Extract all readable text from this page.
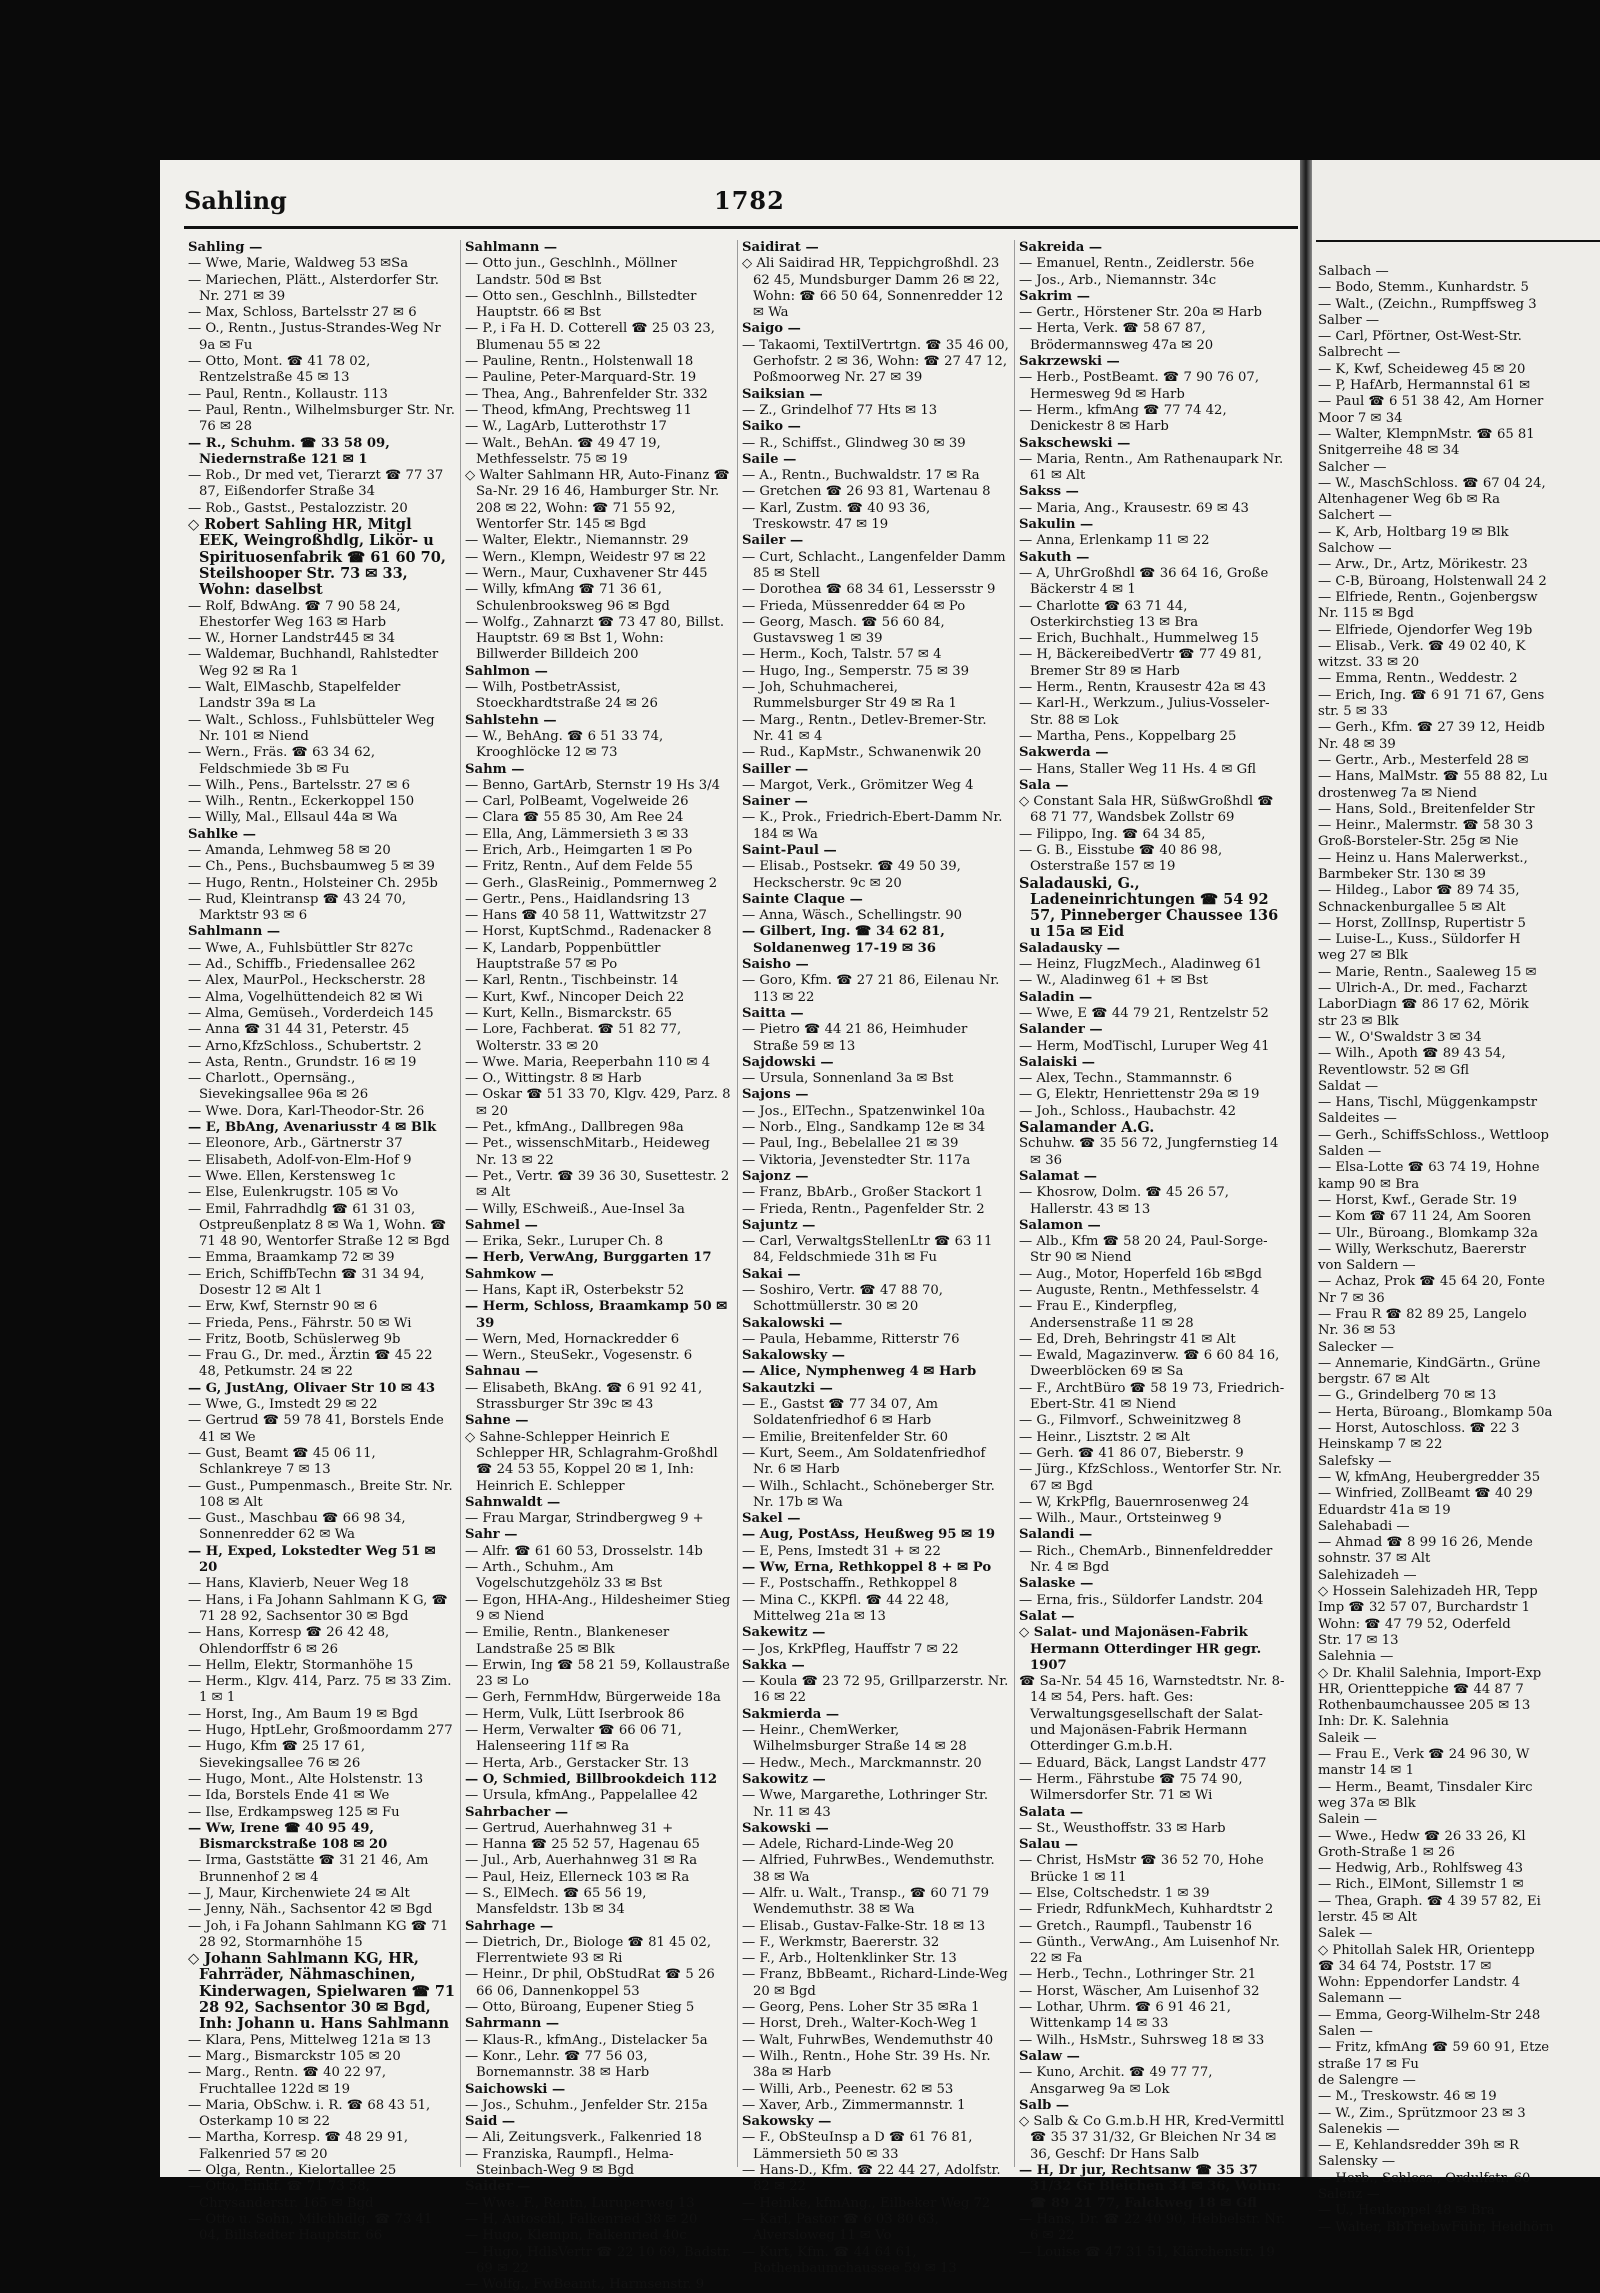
Sahling	1782

Sahling —

— Wwe, Marie, Waldweg 53 ✉Sa

— Mariechen, Plätt., Alsterdorfer Str. Nr. 271 ✉ 39

— Max, Schloss, Bartelsstr 27 ✉ 6

— O., Rentn., Justus-Strandes-Weg Nr 9a ✉ Fu

— Otto, Mont. ☎ 41 78 02, Rentzelstraße 45 ✉ 13

— Paul, Rentn., Kollaustr. 113

— Paul, Rentn., Wilhelmsburger Str. Nr. 76 ✉ 28

— R., Schuhm. ☎ 33 58 09, Niedernstraße 121 ✉ 1

— Rob., Dr med vet, Tierarzt ☎ 77 37 87, Eißendorfer Straße 34

— Rob., Gastst., Pestalozzistr. 20

◇ Robert Sahling HR, Mitgl EEK, Weingroßhdlg, Likör- u Spirituosenfabrik ☎ 61 60 70, Steilshooper Str. 73 ✉ 33, Wohn: daselbst

— Rolf, BdwAng. ☎ 7 90 58 24, Ehestorfer Weg 163 ✉ Harb

— W., Horner Landstr445 ✉ 34

— Waldemar, Buchhandl, Rahlstedter Weg 92 ✉ Ra 1

— Walt, ElMaschb, Stapelfelder Landstr 39a ✉ La

— Walt., Schloss., Fuhlsbütteler Weg Nr. 101 ✉ Niend

— Wern., Fräs. ☎ 63 34 62, Feldschmiede 3b ✉ Fu

— Wilh., Pens., Bartelsstr. 27 ✉ 6

— Wilh., Rentn., Eckerkoppel 150

— Willy, Mal., Ellsaul 44a ✉ Wa

Sahlke —

— Amanda, Lehmweg 58 ✉ 20

— Ch., Pens., Buchsbaumweg 5 ✉ 39

— Hugo, Rentn., Holsteiner Ch. 295b

— Rud, Kleintransp ☎ 43 24 70, Marktstr 93 ✉ 6

Sahlmann —

— Wwe, A., Fuhlsbüttler Str 827c

— Ad., Schiffb., Friedensallee 262

— Alex, MaurPol., Heckscherstr. 28

— Alma, Vogelhüttendeich 82 ✉ Wi

— Alma, Gemüseh., Vorderdeich 145

— Anna ☎ 31 44 31, Peterstr. 45

— Arno,KfzSchloss., Schubertstr. 2

— Asta, Rentn., Grundstr. 16 ✉ 19

— Charlott., Opernsäng., Sievekingsallee 96a ✉ 26

— Wwe. Dora, Karl-Theodor-Str. 26

— E, BbAng, Avenariusstr 4 ✉ Blk

— Eleonore, Arb., Gärtnerstr 37

— Elisabeth, Adolf-von-Elm-Hof 9

— Wwe. Ellen, Kerstensweg 1c

— Else, Eulenkrugstr. 105 ✉ Vo

— Emil, Fahrradhdlg ☎ 61 31 03, Ostpreußenplatz 8 ✉ Wa 1, Wohn. ☎ 71 48 90, Wentorfer Straße 12 ✉ Bgd

— Emma, Braamkamp 72 ✉ 39

— Erich, SchiffbTechn ☎ 31 34 94, Dosestr 12 ✉ Alt 1

— Erw, Kwf, Sternstr 90 ✉ 6

— Frieda, Pens., Fährstr. 50 ✉ Wi

— Fritz, Bootb, Schüslerweg 9b

— Frau G., Dr. med., Ärztin ☎ 45 22 48, Petkumstr. 24 ✉ 22

— G, JustAng, Olivaer Str 10 ✉ 43

— Wwe, G., Imstedt 29 ✉ 22

— Gertrud ☎ 59 78 41, Borstels Ende 41 ✉ We

— Gust, Beamt ☎ 45 06 11, Schlankreye 7 ✉ 13

— Gust., Pumpenmasch., Breite Str. Nr. 108 ✉ Alt

— Gust., Maschbau ☎ 66 98 34, Sonnenredder 62 ✉ Wa

— H, Exped, Lokstedter Weg 51 ✉ 20

— Hans, Klavierb, Neuer Weg 18

— Hans, i Fa Johann Sahlmann K G, ☎ 71 28 92, Sachsentor 30 ✉ Bgd

— Hans, Korresp ☎ 26 42 48, Ohlendorffstr 6 ✉ 26

— Hellm, Elektr, Stormanhöhe 15

— Herm., Klgv. 414, Parz. 75 ✉ 33 Zim. 1 ✉ 1

— Horst, Ing., Am Baum 19 ✉ Bgd

— Hugo, HptLehr, Großmoordamm 277

— Hugo, Kfm ☎ 25 17 61, Sievekingsallee 76 ✉ 26

— Hugo, Mont., Alte Holstenstr. 13

— Ida, Borstels Ende 41 ✉ We

— Ilse, Erdkampsweg 125 ✉ Fu

— Ww, Irene ☎ 40 95 49, Bismarckstraße 108 ✉ 20

— Irma, Gaststätte ☎ 31 21 46, Am Brunnenhof 2 ✉ 4

— J, Maur, Kirchenwiete 24 ✉ Alt

— Jenny, Näh., Sachsentor 42 ✉ Bgd

— Joh, i Fa Johann Sahlmann KG ☎ 71 28 92, Stormarnhöhe 15

◇ Johann Sahlmann KG, HR, Fahrräder, Nähmaschinen, Kinderwagen, Spielwaren ☎ 71 28 92, Sachsentor 30 ✉ Bgd, Inh: Johann u. Hans Sahlmann

— Klara, Pens, Mittelweg 121a ✉ 13

— Marg., Bismarckstr 105 ✉ 20

— Marg., Rentn. ☎ 40 22 97, Fruchtallee 122d ✉ 19

— Maria, ObSchw. i. R. ☎ 68 43 51, Osterkamp 10 ✉ 22

— Martha, Korresp. ☎ 48 29 91, Falkenried 57 ✉ 20

— Olga, Rentn., Kielortallee 25

— Otto, Einkf. ☎ 71 73 58, Chrysanderstr. 165 ✉ Bgd

— Otto u. Sohn, Milchhdlg. ☎ 73 41 04, Billstedter Hauptstr. 66

Sahlmann —

— Otto jun., Geschlnh., Möllner Landstr. 50d ✉ Bst

— Otto sen., Geschlnh., Billstedter Hauptstr. 66 ✉ Bst

— P., i Fa H. D. Cotterell ☎ 25 03 23, Blumenau 55 ✉ 22

— Pauline, Rentn., Holstenwall 18

— Pauline, Peter-Marquard-Str. 19

— Thea, Ang., Bahrenfelder Str. 332

— Theod, kfmAng, Prechtsweg 11

— W., LagArb, Lutterothstr 17

— Walt., BehAn. ☎ 49 47 19, Methfesselstr. 75 ✉ 19

◇ Walter Sahlmann HR, Auto-Finanz ☎ Sa-Nr. 29 16 46, Hamburger Str. Nr. 208 ✉ 22, Wohn: ☎ 71 55 92, Wentorfer Str. 145 ✉ Bgd

— Walter, Elektr., Niemannstr. 29

— Wern., Klempn, Weidestr 97 ✉ 22

— Wern., Maur, Cuxhavener Str 445

— Willy, kfmAng ☎ 71 36 61, Schulenbrooksweg 96 ✉ Bgd

— Wolfg., Zahnarzt ☎ 73 47 80, Billst. Hauptstr. 69 ✉ Bst 1, Wohn: Billwerder Billdeich 200

Sahlmon —

— Wilh, PostbetrAssist, Stoeckhardtstraße 24 ✉ 26

Sahlstehn —

— W., BehAng. ☎ 6 51 33 74, Krooghlöcke 12 ✉ 73

Sahm —

— Benno, GartArb, Sternstr 19 Hs 3/4

— Carl, PolBeamt, Vogelweide 26

— Clara ☎ 55 85 30, Am Ree 24

— Ella, Ang, Lämmersieth 3 ✉ 33

— Erich, Arb., Heimgarten 1 ✉ Po

— Fritz, Rentn., Auf dem Felde 55

— Gerh., GlasReinig., Pommernweg 2

— Gertr., Pens., Haidlandsring 13

— Hans ☎ 40 58 11, Wattwitzstr 27

— Horst, KuptSchmd., Radenacker 8

— K, Landarb, Poppenbüttler Hauptstraße 57 ✉ Po

— Karl, Rentn., Tischbeinstr. 14

— Kurt, Kwf., Nincoper Deich 22

— Kurt, Kelln., Bismarckstr. 65

— Lore, Fachberat. ☎ 51 82 77, Wolterstr. 33 ✉ 20

— Wwe. Maria, Reeperbahn 110 ✉ 4

— O., Wittingstr. 8 ✉ Harb

— Oskar ☎ 51 33 70, Klgv. 429, Parz. 8 ✉ 20

— Pet., kfmAng., Dallbregen 98a

— Pet., wissenschMitarb., Heideweg Nr. 13 ✉ 22

— Pet., Vertr. ☎ 39 36 30, Susettestr. 2 ✉ Alt

— Willy, ESchweiß., Aue-Insel 3a

Sahmel —

— Erika, Sekr., Luruper Ch. 8

— Herb, VerwAng, Burggarten 17

Sahmkow —

— Hans, Kapt iR, Osterbekstr 52

— Herm, Schloss, Braamkamp 50 ✉39

— Wern, Med, Hornackredder 6

— Wern., SteuSekr., Vogesenstr. 6

Sahnau —

— Elisabeth, BkAng. ☎ 6 91 92 41, Strassburger Str 39c ✉ 43

Sahne —

◇ Sahne-Schlepper Heinrich E Schlepper HR, Schlagrahm-Großhdl ☎ 24 53 55, Koppel 20 ✉ 1, Inh: Heinrich E. Schlepper

Sahnwaldt —

— Frau Margar, Strindbergweg 9 +

Sahr —

— Alfr. ☎ 61 60 53, Drosselstr. 14b

— Arth., Schuhm., Am Vogelschutzgehölz 33 ✉ Bst

— Egon, HHA-Ang., Hildesheimer Stieg 9 ✉ Niend

— Emilie, Rentn., Blankeneser Landstraße 25 ✉ Blk

— Erwin, Ing ☎ 58 21 59, Kollaustraße 23 ✉ Lo

— Gerh, FernmHdw, Bürgerweide 18a

— Herm, Vulk, Lütt Iserbrook 86

— Herm, Verwalter ☎ 66 06 71, Halenseering 11f ✉ Ra

— Herta, Arb., Gerstacker Str. 13

— O, Schmied, Billbrookdeich 112

— Ursula, kfmAng., Pappelallee 42

Sahrbacher —

— Gertrud, Auerhahnweg 31 +

— Hanna ☎ 25 52 57, Hagenau 65

— Jul., Arb, Auerhahnweg 31 ✉ Ra

— Paul, Heiz, Ellerneck 103 ✉ Ra

— S., ElMech. ☎ 65 56 19, Mansfeldstr. 13b ✉ 34

Sahrhage —

— Dietrich, Dr., Biologe ☎ 81 45 02, Flerrentwiete 93 ✉ Ri

— Heinr., Dr phil, ObStudRat ☎ 5 26 66 06, Dannenkoppel 53

— Otto, Büroang, Eupener Stieg 5

Sahrmann —

— Klaus-R., kfmAng., Distelacker 5a

— Konr., Lehr. ☎ 77 56 03, Bornemannstr. 38 ✉ Harb

Saichowski —

— Jos., Schuhm., Jenfelder Str. 215a

Said —

— Ali, Zeitungsverk., Falkenried 18

— Franziska, Raumpfl., Helma-Steinbach-Weg 9 ✉ Bgd

Saider —

— Wwe. F., Rentn, Luruperweg 13

— H, Autoschl, Falkenried 38 ✉ 20

— Hugo, Klempn, Falkenried 40c

— Hugo, HdlsVertr ☎ 22 10 69, Badstr. 69 ✉ 22

— Wolfg., FwBeamt., Harmsenstr. 9

Saidirat —

◇ Ali Saidirad HR, Teppichgroßhdl. 23 62 45, Mundsburger Damm 26 ✉ 22, Wohn: ☎ 66 50 64, Sonnenredder 12 ✉ Wa

Saigo —

— Takaomi, TextilVertrtgn. ☎ 35 46 00, Gerhofstr. 2 ✉ 36, Wohn: ☎ 27 47 12, Poßmoorweg Nr. 27 ✉ 39

Saiksian —

— Z., Grindelhof 77 Hts ✉ 13

Saiko —

— R., Schiffst., Glindweg 30 ✉ 39

Saile —

— A., Rentn., Buchwaldstr. 17 ✉ Ra

— Gretchen ☎ 26 93 81, Wartenau 8

— Karl, Zustm. ☎ 40 93 36, Treskowstr. 47 ✉ 19

Sailer —

— Curt, Schlacht., Langenfelder Damm 85 ✉ Stell

— Dorothea ☎ 68 34 61, Lessersstr 9

— Frieda, Müssenredder 64 ✉ Po

— Georg, Masch. ☎ 56 60 84, Gustavsweg 1 ✉ 39

— Herm., Koch, Talstr. 57 ✉ 4

— Hugo, Ing., Semperstr. 75 ✉ 39

— Joh, Schuhmacherei, Rummelsburger Str 49 ✉ Ra 1

— Marg., Rentn., Detlev-Bremer-Str. Nr. 41 ✉ 4

— Rud., KapMstr., Schwanenwik 20

Sailler —

— Margot, Verk., Grömitzer Weg 4

Sainer —

— K., Prok., Friedrich-Ebert-Damm Nr. 184 ✉ Wa

Saint-Paul —

— Elisab., Postsekr. ☎ 49 50 39, Heckscherstr. 9c ✉ 20

Sainte Claque —

— Anna, Wäsch., Schellingstr. 90

— Gilbert, Ing. ☎ 34 62 81, Soldanenweg 17-19 ✉ 36

Saisho —

— Goro, Kfm. ☎ 27 21 86, Eilenau Nr. 113 ✉ 22

Saitta —

— Pietro ☎ 44 21 86, Heimhuder Straße 59 ✉ 13

Sajdowski —

— Ursula, Sonnenland 3a ✉ Bst

Sajons —

— Jos., ElTechn., Spatzenwinkel 10a

— Norb., Elng., Sandkamp 12e ✉ 34

— Paul, Ing., Bebelallee 21 ✉ 39

— Viktoria, Jevenstedter Str. 117a

Sajonz —

— Franz, BbArb., Großer Stackort 1

— Frieda, Rentn., Pagenfelder Str. 2

Sajuntz —

— Carl, VerwaltgsStellenLtr ☎ 63 11 84, Feldschmiede 31h ✉ Fu

Sakai —

— Soshiro, Vertr. ☎ 47 88 70, Schottmüllerstr. 30 ✉ 20

Sakalowski —

— Paula, Hebamme, Ritterstr 76

Sakalowsky —

— Alice, Nymphenweg 4 ✉ Harb

Sakautzki —

— E., Gastst ☎ 77 34 07, Am Soldatenfriedhof 6 ✉ Harb

— Emilie, Breitenfelder Str. 60

— Kurt, Seem., Am Soldatenfriedhof Nr. 6 ✉ Harb

— Wilh., Schlacht., Schöneberger Str. Nr. 17b ✉ Wa

Sakel —

— Aug, PostAss, Heußweg 95 ✉ 19

— E, Pens, Imstedt 31 + ✉ 22

— Ww, Erna, Rethkoppel 8 + ✉ Po

— F., Postschaffn., Rethkoppel 8

— Mina C., KKPfl. ☎ 44 22 48, Mittelweg 21a ✉ 13

Sakewitz —

— Jos, KrkPfleg, Hauffstr 7 ✉ 22

Sakka —

— Koula ☎ 23 72 95, Grillparzerstr. Nr. 16 ✉ 22

Sakmierda —

— Heinr., ChemWerker, Wilhelmsburger Straße 14 ✉ 28

— Hedw., Mech., Marckmannstr. 20

Sakowitz —

— Wwe, Margarethe, Lothringer Str. Nr. 11 ✉ 43

Sakowski —

— Adele, Richard-Linde-Weg 20

— Alfried, FuhrwBes., Wendemuthstr. 38 ✉ Wa

— Alfr. u. Walt., Transp., ☎ 60 71 79 Wendemuthstr. 38 ✉ Wa

— Elisab., Gustav-Falke-Str. 18 ✉ 13

— F., Werkmstr, Baererstr. 32

— F., Arb., Holtenklinker Str. 13

— Franz, BbBeamt., Richard-Linde-Weg 20 ✉ Bgd

— Georg, Pens. Loher Str 35 ✉Ra 1

— Horst, Dreh., Walter-Koch-Weg 1

— Walt, FuhrwBes, Wendemuthstr 40

— Wilh., Rentn., Hohe Str. 39 Hs. Nr. 38a ✉ Harb

— Willi, Arb., Peenestr. 62 ✉ 53

— Xaver, Arb., Zimmermannstr. 1

Sakowsky —

— F., ObSteuInsp a D ☎ 61 76 81, Lämmersieth 50 ✉ 33

— Hans-D., Kfm. ☎ 22 44 27, Adolfstr. 82 ✉ 22

— Heinke, kfmAng., Eilbeker Weg 72

— Karl, Pastor ☎ 6 03 80 63, Alversloweg 11 ✉ Vo

— Kurt, Kfm. ☎ 44 64 61, Rothenbaumchaussee 59 ✉ 13

Sakreida —

— Emanuel, Rentn., Zeidlerstr. 56e

— Jos., Arb., Niemannstr. 34c

Sakrim —

— Gertr., Hörstener Str. 20a ✉ Harb

— Herta, Verk. ☎ 58 67 87, Brödermannsweg 47a ✉ 20

Sakrzewski —

— Herb., PostBeamt. ☎ 7 90 76 07, Hermesweg 9d ✉ Harb

— Herm., kfmAng ☎ 77 74 42, Denickestr 8 ✉ Harb

Sakschewski —

— Maria, Rentn., Am Rathenaupark Nr. 61 ✉ Alt

Sakss —

— Maria, Ang., Krausestr. 69 ✉ 43

Sakulin —

— Anna, Erlenkamp 11 ✉ 22

Sakuth —

— A, UhrGroßhdl ☎ 36 64 16, Große Bäckerstr 4 ✉ 1

— Charlotte ☎ 63 71 44, Osterkirchstieg 13 ✉ Bra

— Erich, Buchhalt., Hummelweg 15

— H, BäckereibedVertr ☎ 77 49 81, Bremer Str 89 ✉ Harb

— Herm., Rentn, Krausestr 42a ✉ 43

— Karl-H., Werkzum., Julius-Vosseler-Str. 88 ✉ Lok

— Martha, Pens., Koppelbarg 25

Sakwerda —

— Hans, Staller Weg 11 Hs. 4 ✉ Gfl

Sala —

◇ Constant Sala HR, SüßwGroßhdl ☎ 68 71 77, Wandsbek Zollstr 69

— Filippo, Ing. ☎ 64 34 85,

— G. B., Eisstube ☎ 40 86 98, Osterstraße 157 ✉ 19

Saladauski, G., Ladeneinrichtungen ☎ 54 92 57, Pinneberger Chaussee 136 u 15a ✉ Eid

Saladausky —

— Heinz, FlugzMech., Aladinweg 61

— W., Aladinweg 61 + ✉ Bst

Saladin —

— Wwe, E ☎ 44 79 21, Rentzelstr 52

Salander —

— Herm, ModTischl, Luruper Weg 41

Salaiski —

— Alex, Techn., Stammannstr. 6

— G, Elektr, Henriettenstr 29a ✉ 19

— Joh., Schloss., Haubachstr. 42

Salamander A.G.

Schuhw. ☎ 35 56 72, Jungfernstieg 14 ✉ 36

Salamat —

— Khosrow, Dolm. ☎ 45 26 57, Hallerstr. 43 ✉ 13

Salamon —

— Alb., Kfm ☎ 58 20 24, Paul-Sorge-Str 90 ✉ Niend

— Aug., Motor, Hoperfeld 16b ✉Bgd

— Auguste, Rentn., Methfesselstr. 4

— Frau E., Kinderpfleg, Andersenstraße 11 ✉ 28

— Ed, Dreh, Behringstr 41 ✉ Alt

— Ewald, Magazinverw. ☎ 6 60 84 16, Dweerblöcken 69 ✉ Sa

— F., ArchtBüro ☎ 58 19 73, Friedrich-Ebert-Str. 41 ✉ Niend

— G., Filmvorf., Schweinitzweg 8

— Heinr., Lisztstr. 2 ✉ Alt

— Gerh. ☎ 41 86 07, Bieberstr. 9

— Jürg., KfzSchloss., Wentorfer Str. Nr. 67 ✉ Bgd

— W, KrkPflg, Bauernrosenweg 24

— Wilh., Maur., Ortsteinweg 9

Salandi —

— Rich., ChemArb., Binnenfeldredder Nr. 4 ✉ Bgd

Salaske —

— Erna, fris., Süldorfer Landstr. 204

Salat —

◇ Salat- und Majonäsen-Fabrik Hermann Otterdinger HR gegr. 1907

☎ Sa-Nr. 54 45 16, Warnstedtstr. Nr. 8-14 ✉ 54, Pers. haft. Ges: Verwaltungsgesellschaft der Salat- und Majonäsen-Fabrik Hermann Otterdinger G.m.b.H.

— Eduard, Bäck, Langst Landstr 477

— Herm., Fährstube ☎ 75 74 90, Wilmersdorfer Str. 71 ✉ Wi

Salata —

— St., Weusthoffstr. 33 ✉ Harb

Salau —

— Christ, HsMstr ☎ 36 52 70, Hohe Brücke 1 ✉ 11

— Else, Coltschedstr. 1 ✉ 39

— Friedr, RdfunkMech, Kuhhardtstr 2

— Gretch., Raumpfl., Taubenstr 16

— Günth., VerwAng., Am Luisenhof Nr. 22 ✉ Fa

— Herb., Techn., Lothringer Str. 21

— Horst, Wäscher, Am Luisenhof 32

— Lothar, Uhrm. ☎ 6 91 46 21, Wittenkamp 14 ✉ 33

— Wilh., HsMstr., Suhrsweg 18 ✉ 33

Salaw —

— Kuno, Archit. ☎ 49 77 77, Ansgarweg 9a ✉ Lok

Salb —

◇ Salb & Co G.m.b.H HR, Kred-Vermittl ☎ 35 37 31/32, Gr Bleichen Nr 34 ✉ 36, Geschf: Dr Hans Salb

— H, Dr jur, Rechtsanw ☎ 35 37 31/32 Gr Bleichen 34 ✉ 36, Wohn: ☎ 89 21 77, Falckweg 18 ✉ Gfl

— Hans, Dr. ☎ 22 40 90, Hebbelstr. Nr. 6 ✉ 22

— Louise ☎ 47 31 51, Klärchenstr. 19

Salbach —
— Bodo, Stemm., Kunhardstr. 5
— Walt., (Zeichn., Rumpffsweg 3
Salber —
— Carl, Pförtner, Ost-West-Str.
Salbrecht —
— K, Kwf, Scheideweg 45 ✉ 20
— P, HafArb, Hermannstal 61 ✉
— Paul ☎ 6 51 38 42, Am Horner
Moor 7 ✉ 34
— Walter, KlempnMstr. ☎ 65 81
Snitgerreihe 48 ✉ 34
Salcher —
— W., MaschSchloss. ☎ 67 04 24,
Altenhagener Weg 6b ✉ Ra
Salchert —
— K, Arb, Holtbarg 19 ✉ Blk
Salchow —
— Arw., Dr., Artz, Mörikestr. 23
— C-B, Büroang, Holstenwall 24 2
— Elfriede, Rentn., Gojenbergsw
Nr. 115 ✉ Bgd
— Elfriede, Ojendorfer Weg 19b
— Elisab., Verk. ☎ 49 02 40, K
witzst. 33 ✉ 20
— Emma, Rentn., Weddestr. 2
— Erich, Ing. ☎ 6 91 71 67, Gens
str. 5 ✉ 33
— Gerh., Kfm. ☎ 27 39 12, Heidb
Nr. 48 ✉ 39
— Gertr., Arb., Mesterfeld 28 ✉
— Hans, MalMstr. ☎ 55 88 82, Lu
drostenweg 7a ✉ Niend
— Hans, Sold., Breitenfelder Str
— Heinr., Malermstr. ☎ 58 30 3
Groß-Borsteler-Str. 25g ✉ Nie
— Heinz u. Hans Malerwerkst.,
Barmbeker Str. 130 ✉ 39
— Hildeg., Labor ☎ 89 74 35,
Schnackenburgallee 5 ✉ Alt
— Horst, ZollInsp, Rupertistr 5
— Luise-L., Kuss., Süldorfer H
weg 27 ✉ Blk
— Marie, Rentn., Saaleweg 15 ✉
— Ulrich-A., Dr. med., Facharzt
LaborDiagn ☎ 86 17 62, Mörik
str 23 ✉ Blk
— W., O'Swaldstr 3 ✉ 34
— Wilh., Apoth ☎ 89 43 54,
Reventlowstr. 52 ✉ Gfl
Saldat —
— Hans, Tischl, Müggenkampstr
Saldeites —
— Gerh., SchiffsSchloss., Wettloop
Salden —
— Elsa-Lotte ☎ 63 74 19, Hohne
kamp 90 ✉ Bra
— Horst, Kwf., Gerade Str. 19
— Kom ☎ 67 11 24, Am Sooren
— Ulr., Büroang., Blomkamp 32a
— Willy, Werkschutz, Baererstr
von Saldern —
— Achaz, Prok ☎ 45 64 20, Fonte
Nr 7 ✉ 36
— Frau R ☎ 82 89 25, Langelo
Nr. 36 ✉ 53
Salecker —
— Annemarie, KindGärtn., Grüne
bergstr. 67 ✉ Alt
— G., Grindelberg 70 ✉ 13
— Herta, Büroang., Blomkamp 50a
— Horst, Autoschloss. ☎ 22 3
Heinskamp 7 ✉ 22
Salefsky —
— W, kfmAng, Heubergredder 35
— Winfried, ZollBeamt ☎ 40 29
Eduardstr 41a ✉ 19
Salehabadi —
— Ahmad ☎ 8 99 16 26, Mende
sohnstr. 37 ✉ Alt
Salehizadeh —
◇ Hossein Salehizadeh HR, Tepp
Imp ☎ 32 57 07, Burchardstr 1
Wohn: ☎ 47 79 52, Oderfeld
Str. 17 ✉ 13
Salehnia —
◇ Dr. Khalil Salehnia, Import-Exp
HR, Orientteppiche ☎ 44 87 7
Rothenbaumchaussee 205 ✉ 13
Inh: Dr. K. Salehnia
Saleik —
— Frau E., Verk ☎ 24 96 30, W
manstr 14 ✉ 1
— Herm., Beamt, Tinsdaler Kirc
weg 37a ✉ Blk
Salein —
— Wwe., Hedw ☎ 26 33 26, Kl
Groth-Straße 1 ✉ 26
— Hedwig, Arb., Rohlfsweg 43
— Rich., ElMont, Sillemstr 1 ✉
— Thea, Graph. ☎ 4 39 57 82, Ei
lerstr. 45 ✉ Alt
Salek —
◇ Phitollah Salek HR, Orientepp
☎ 34 64 74, Poststr. 17 ✉
Wohn: Eppendorfer Landstr. 4
Salemann —
— Emma, Georg-Wilhelm-Str 248
Salen —
— Fritz, kfmAng ☎ 59 60 91, Etze
straße 17 ✉ Fu
de Salengre —
— M., Treskowstr. 46 ✉ 19
— W., Zim., Sprützmoor 23 ✉ 3
Salenekis —
— E, Kehlandsredder 39h ✉ R
Salensky —
— Herb., Schloss., Ordulfstr. 60
Salenz —
— U., Heukoppel 48 ✉ Bra
— Walter, BbTriebwFühr, Heidhörn
